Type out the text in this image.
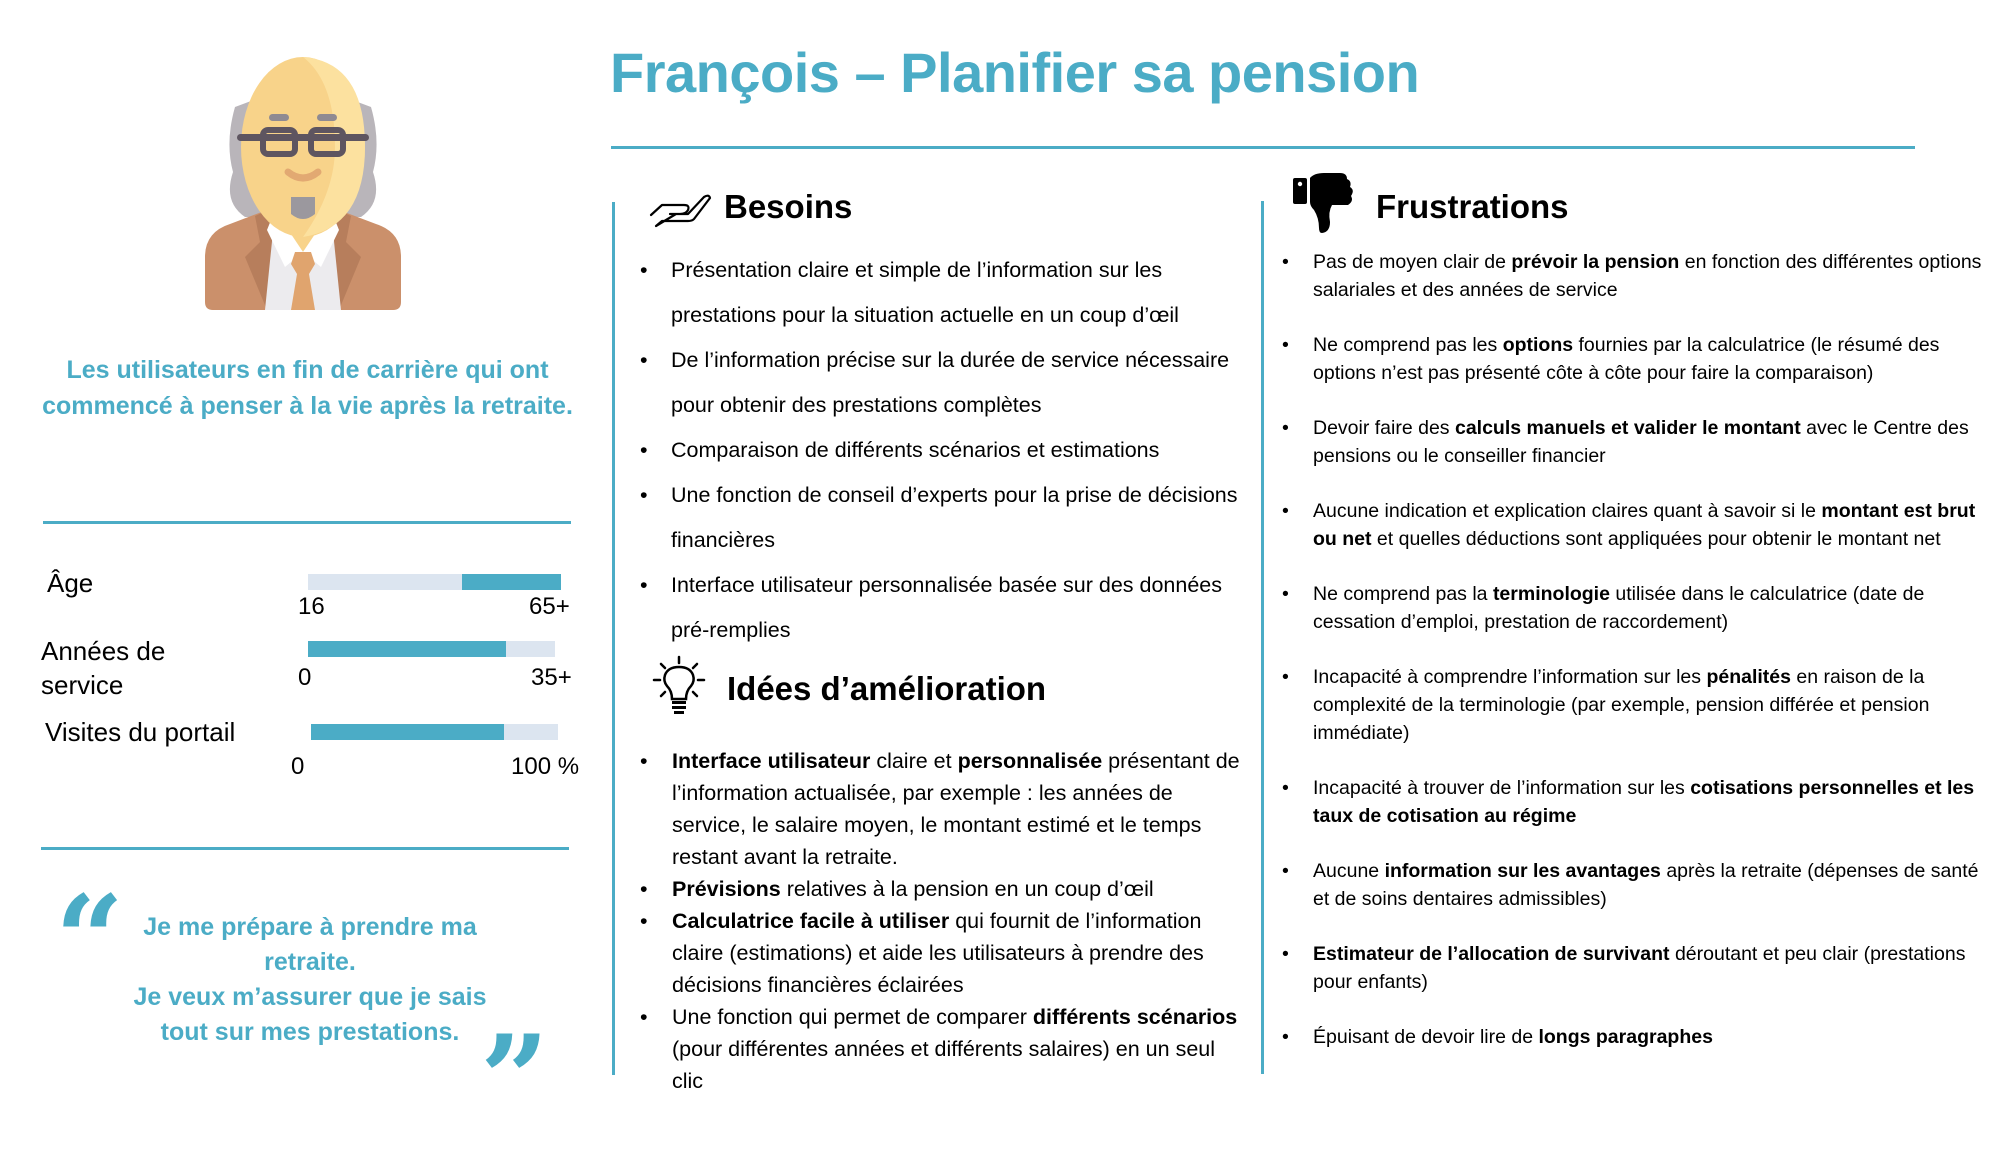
François – Planifier sa pension
Les utilisateurs en fin de carrière qui ont commencé à penser à la vie après la retraite.
Âge
16	65+
Années de service	0	35+
Visites du portail
0	100 %
“ Je me prépare à prendre ma retraite.
Je veux m’assurer que je sais tout sur mes prestations. ”
Besoins
• Présentation claire et simple de l’information sur les prestations pour la situation actuelle en un coup d’œil
• De l’information précise sur la durée de service nécessaire pour obtenir des prestations complètes
• Comparaison de différents scénarios et estimations
• Une fonction de conseil d’experts pour la prise de décisions financières
• Interface utilisateur personnalisée basée sur des données pré-remplies
Idées d’amélioration
• Interface utilisateur claire et personnalisée présentant de l’information actualisée, par exemple : les années de service, le salaire moyen, le montant estimé et le temps restant avant la retraite.
• Prévisions relatives à la pension en un coup d’œil
• Calculatrice facile à utiliser qui fournit de l’information claire (estimations) et aide les utilisateurs à prendre des décisions financières éclairées
• Une fonction qui permet de comparer différents scénarios (pour différentes années et différents salaires) en un seul clic
Frustrations
• Pas de moyen clair de prévoir la pension en fonction des différentes options salariales et des années de service
• Ne comprend pas les options fournies par la calculatrice (le résumé des options n’est pas présenté côte à côte pour faire la comparaison)
• Devoir faire des calculs manuels et valider le montant avec le Centre des pensions ou le conseiller financier
• Aucune indication et explication claires quant à savoir si le montant est brut ou net et quelles déductions sont appliquées pour obtenir le montant net
• Ne comprend pas la terminologie utilisée dans le calculatrice (date de cessation d’emploi, prestation de raccordement)
• Incapacité à comprendre l’information sur les pénalités en raison de la complexité de la terminologie (par exemple, pension différée et pension immédiate)
• Incapacité à trouver de l’information sur les cotisations personnelles et les taux de cotisation au régime
• Aucune information sur les avantages après la retraite (dépenses de santé et de soins dentaires admissibles)
• Estimateur de l’allocation de survivant déroutant et peu clair (prestations pour enfants)
• Épuisant de devoir lire de longs paragraphes
